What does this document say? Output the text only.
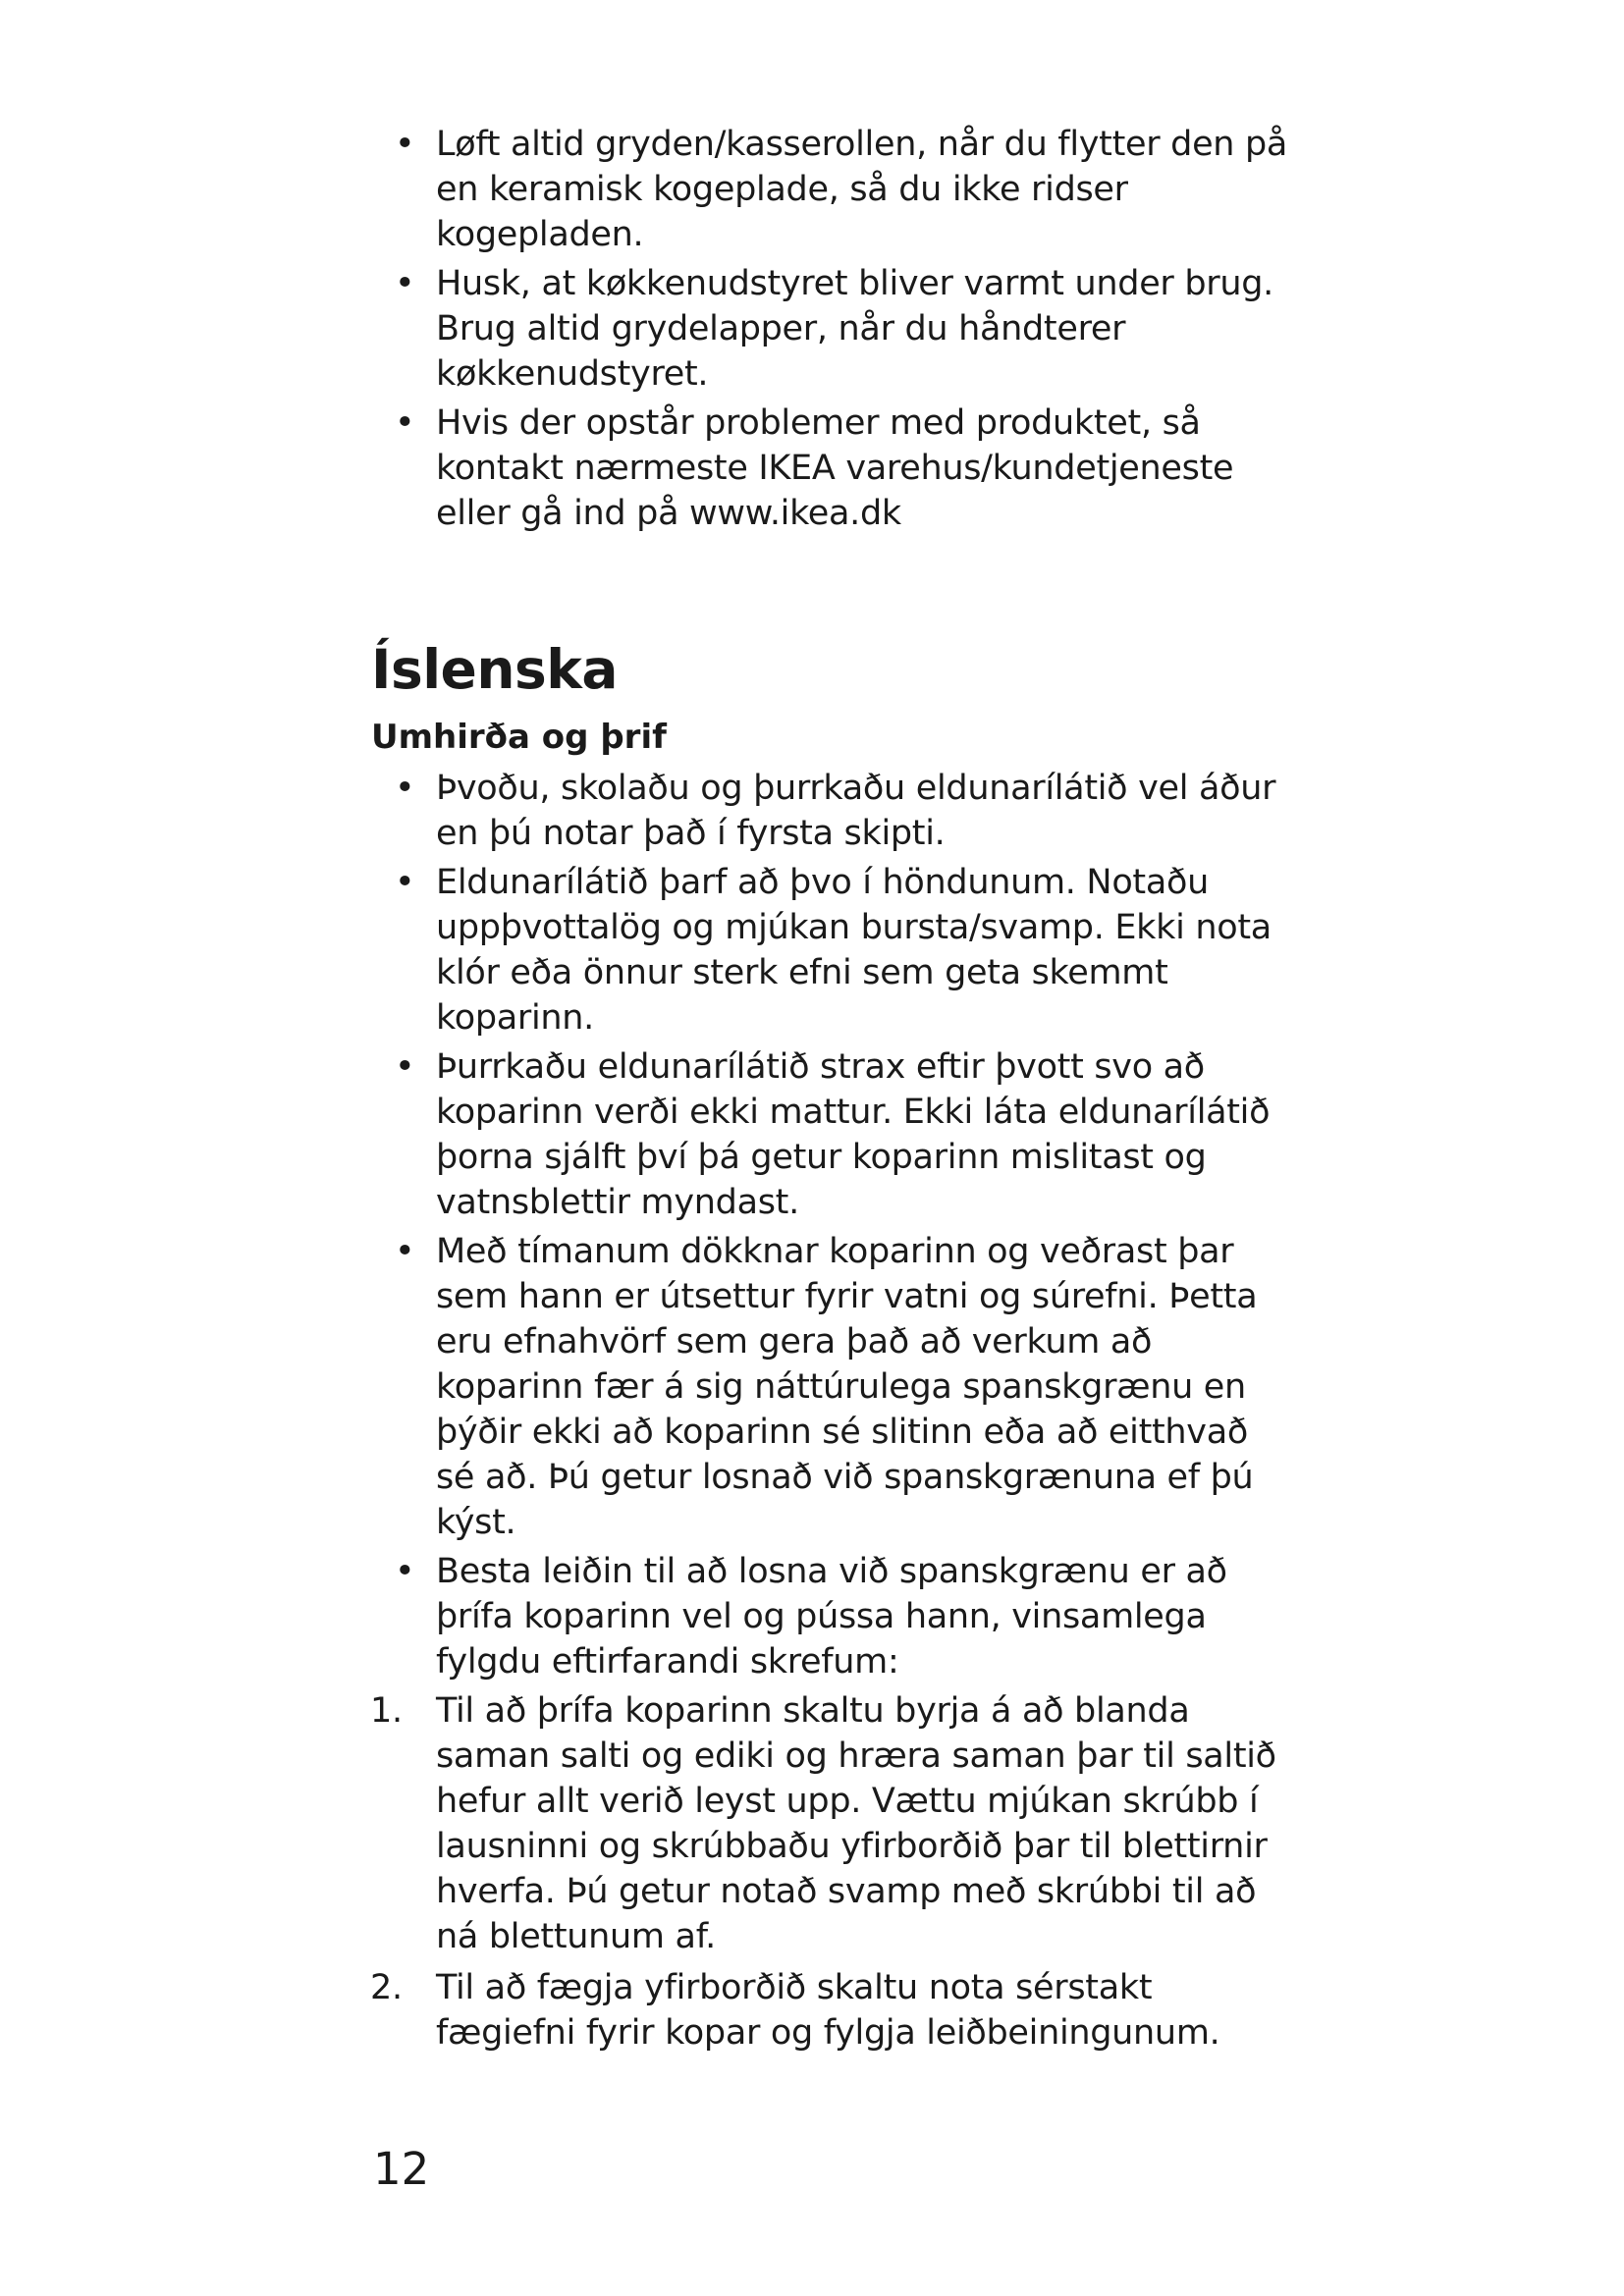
• Løft altid gryden/kasserollen, når du flytter den på en keramisk kogeplade, så du ikke ridser kogepladen.
• Husk, at køkkenudstyret bliver varmt under brug. Brug altid grydelapper, når du håndterer køkkenudstyret.
• Hvis der opstår problemer med produktet, så kontakt nærmeste IKEA varehus/kundetjeneste eller gå ind på www.ikea.dk
Íslenska
Umhirða og þrif
• Þvoðu, skolaðu og þurrkaðu eldunarílátið vel áður en þú notar það í fyrsta skipti.
• Eldunarílátið þarf að þvo í höndunum. Notaðu uppþvottalög og mjúkan bursta/svamp. Ekki nota klór eða önnur sterk efni sem geta skemmt koparinn.
• Þurrkaðu eldunarílátið strax eftir þvott svo að koparinn verði ekki mattur. Ekki láta eldunarílátið þorna sjálft því þá getur koparinn mislitast og vatnsblettir myndast.
• Með tímanum dökknar koparinn og veðrast þar sem hann er útsettur fyrir vatni og súrefni. Þetta eru efnahvörf sem gera það að verkum að koparinn fær á sig náttúrulega spanskgrænu en þýðir ekki að koparinn sé slitinn eða að eitthvað sé að. Þú getur losnað við spanskgrænuna ef þú kýst.
• Besta leiðin til að losna við spanskgrænu er að þrífa koparinn vel og pússa hann, vinsamlega fylgdu eftirfarandi skrefum:
1. Til að þrífa koparinn skaltu byrja á að blanda saman salti og ediki og hræra saman þar til saltið hefur allt verið leyst upp. Vættu mjúkan skrúbb í lausninni og skrúbbaðu yfirborðið þar til blettirnir hverfa. Þú getur notað svamp með skrúbbi til að ná blettunum af.
2. Til að fægja yfirborðið skaltu nota sérstakt fægiefni fyrir kopar og fylgja leiðbeiningunum.
12
